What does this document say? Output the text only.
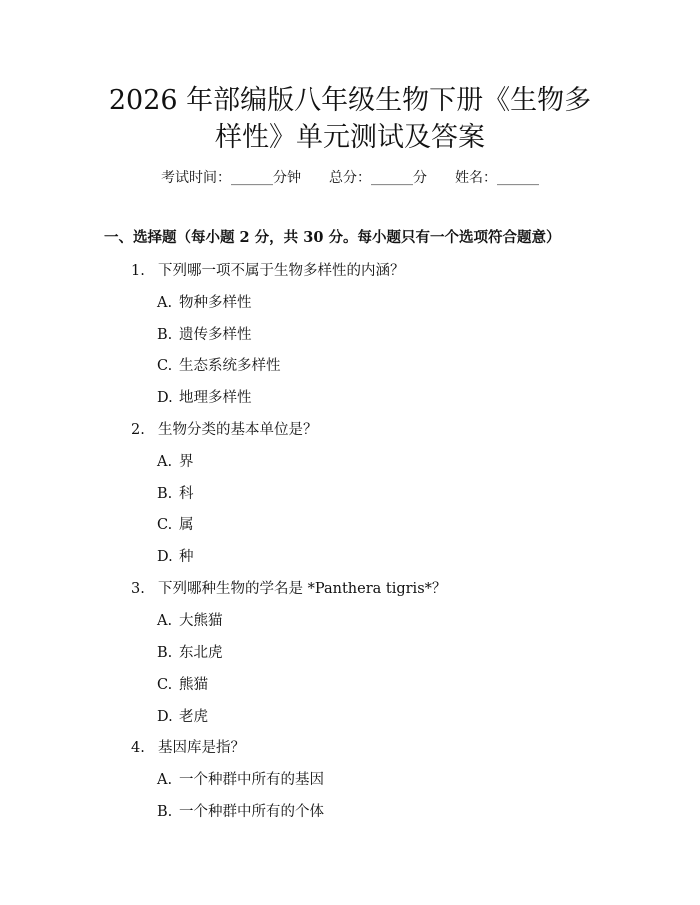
2026 年部编版八年级生物下册《生物多样性》单元测试及答案
考试时间：______分钟 总分：______分 姓名：______
一、选择题（每小题 2 分，共 30 分。每小题只有一个选项符合题意）
1. 下列哪一项不属于生物多样性的内涵？
A. 物种多样性
B. 遗传多样性
C. 生态系统多样性
D. 地理多样性
2. 生物分类的基本单位是？
A. 界
B. 科
C. 属
D. 种
3. 下列哪种生物的学名是 *Panthera tigris*？
A. 大熊猫
B. 东北虎
C. 熊猫
D. 老虎
4. 基因库是指？
A. 一个种群中所有的基因
B. 一个种群中所有的个体
